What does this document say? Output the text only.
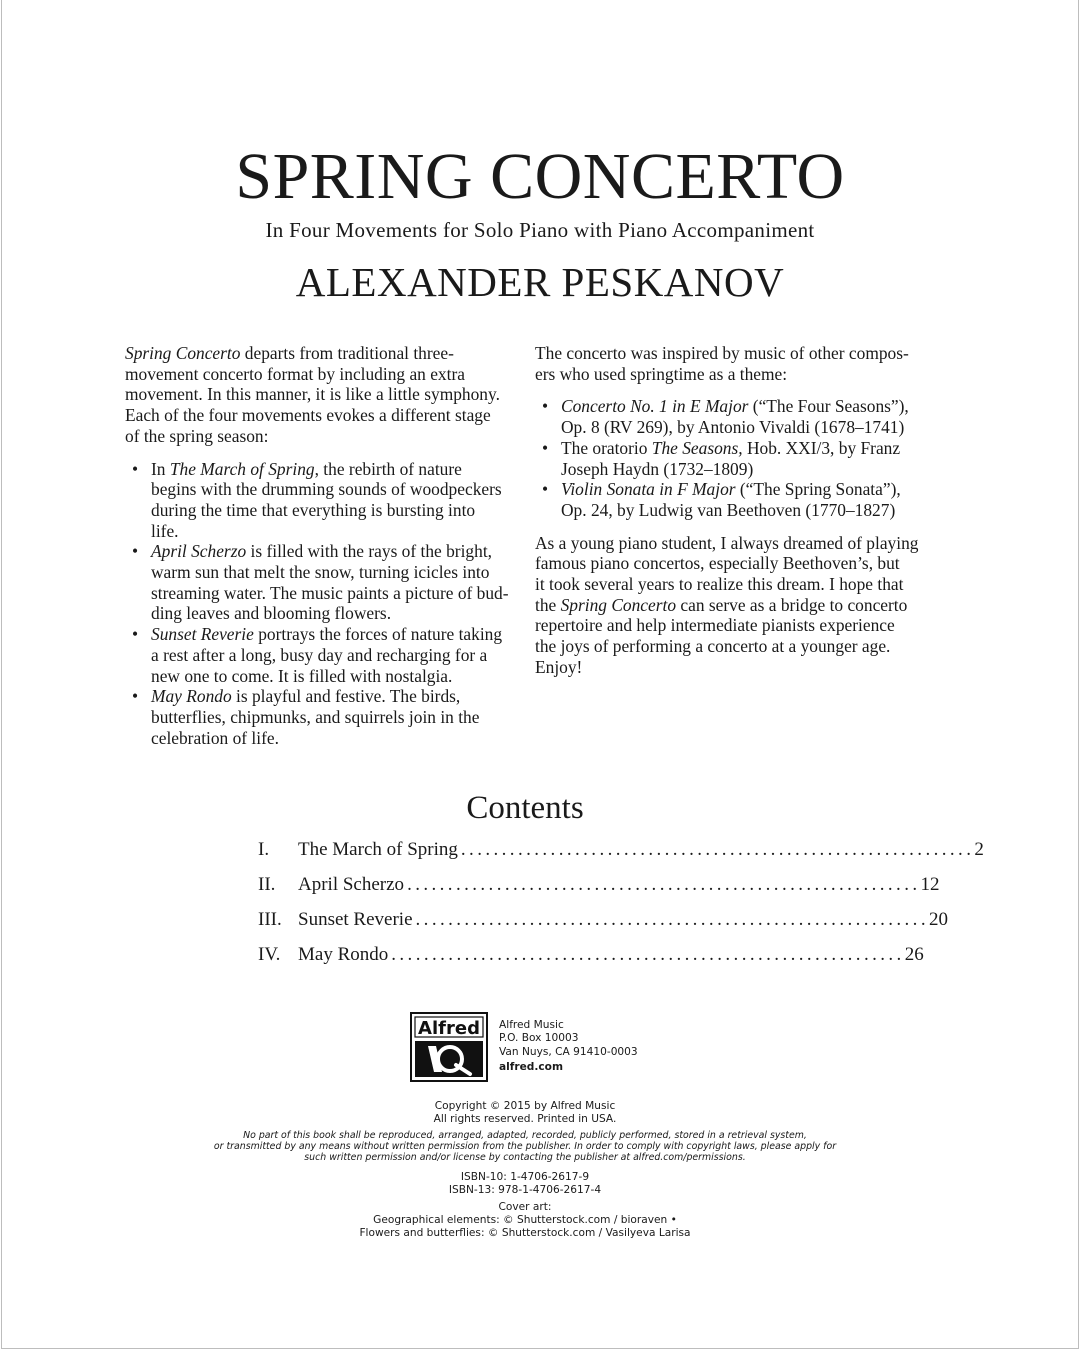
SPRING CONCERTO
In Four Movements for Solo Piano with Piano Accompaniment
ALEXANDER PESKANOV

Spring Concerto departs from traditional three-
movement concerto format by including an extra
movement. In this manner, it is like a little symphony.
Each of the four movements evokes a different stage
of the spring season:

• In The March of Spring, the rebirth of nature
begins with the drumming sounds of woodpeckers
during the time that everything is bursting into
life.
• April Scherzo is filled with the rays of the bright,
warm sun that melt the snow, turning icicles into
streaming water. The music paints a picture of bud-
ding leaves and blooming flowers.
• Sunset Reverie portrays the forces of nature taking
a rest after a long, busy day and recharging for a
new one to come. It is filled with nostalgia.
• May Rondo is playful and festive. The birds,
butterflies, chipmunks, and squirrels join in the
celebration of life.

The concerto was inspired by music of other compos-
ers who used springtime as a theme:

• Concerto No. 1 in E Major (“The Four Seasons”),
Op. 8 (RV 269), by Antonio Vivaldi (1678–1741)
• The oratorio The Seasons, Hob. XXI/3, by Franz
Joseph Haydn (1732–1809)
• Violin Sonata in F Major (“The Spring Sonata”),
Op. 24, by Ludwig van Beethoven (1770–1827)

As a young piano student, I always dreamed of playing
famous piano concertos, especially Beethoven’s, but
it took several years to realize this dream. I hope that
the Spring Concerto can serve as a bridge to concerto
repertoire and help intermediate pianists experience
the joys of performing a concerto at a younger age.
Enjoy!

Contents
I.	The March of Spring ............................................................... 2
II.	April Scherzo ............................................................... 12
III. Sunset Reverie ............................................................... 20
IV. May Rondo ............................................................... 26
Alfred Alfred Music
P.O. Box 10003
Van Nuys, CA 91410-0003
alfred.com
Copyright © 2015 by Alfred Music
All rights reserved. Printed in USA.
No part of this book shall be reproduced, arranged, adapted, recorded, publicly performed, stored in a retrieval system,
or transmitted by any means without written permission from the publisher. In order to comply with copyright laws, please apply for
such written permission and/or license by contacting the publisher at alfred.com/permissions.
ISBN-10: 1-4706-2617-9
ISBN-13: 978-1-4706-2617-4
Cover art:
Geographical elements: © Shutterstock.com / bioraven •
Flowers and butterflies: © Shutterstock.com / Vasilyeva Larisa
